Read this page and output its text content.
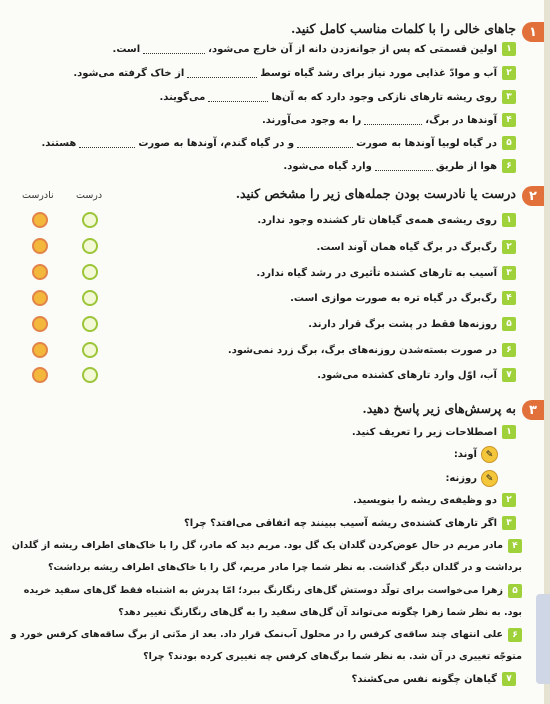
۱
جاهای خالی را با کلمات مناسب کامل کنید.
۱
اولین قسمتی که پس از جوانه‌زدن دانه از آن خارج می‌شود،
است.
۲
آب و موادّ غذایی مورد نیاز برای رشد گیاه توسط
از خاک گرفته می‌شود.
۳
روی ریشه تارهای نازکی وجود دارد که به آن‌ها
می‌گویند.
۴
آوندها در برگ،
را به وجود می‌آورند.
۵
در گیاه لوبیا آوندها به صورت
و در گیاه گندم، آوندها به صورت
هستند.
۶
هوا از طریق
وارد گیاه می‌شود.
۲
درست یا نادرست بودن جمله‌های زیر را مشخص کنید.
درست
نادرست
۱
روی ریشه‌ی همه‌ی گیاهان تار کشنده وجود ندارد.
۲
رگ‌برگ در برگ گیاه همان آوند است.
۳
آسیب به تارهای کشنده تأثیری در رشد گیاه ندارد.
۴
رگ‌برگ در گیاه تره به صورت موازی است.
۵
روزنه‌ها فقط در پشت برگ قرار دارند.
۶
در صورت بسته‌شدن روزنه‌های برگ، برگ زرد نمی‌شود.
۷
آب، اوّل وارد تارهای کشنده می‌شود.
۳
به پرسش‌های زیر پاسخ دهید.
۱
اصطلاحات زیر را تعریف کنید.
✎
آوند:
✎
روزنه:
۲
دو وظیفه‌ی ریشه را بنویسید.
۳
اگر تارهای کشنده‌ی ریشه آسیب ببینند چه اتفاقی می‌افتد؟ چرا؟
۴مادر مریم در حال عوض‌کردن گلدان یک گل بود. مریم دید که مادر، گل را با خاک‌های اطراف ریشه از گلدان برداشت و در گلدان دیگر گذاشت. به نظر شما چرا مادر مریم، گل را با خاک‌های اطراف ریشه برداشت؟
۵زهرا می‌خواست برای تولّد دوستش گل‌های رنگارنگ ببرد؛ امّا پدرش به اشتباه فقط گل‌های سفید خریده بود. به نظر شما زهرا چگونه می‌تواند آن گل‌های سفید را به گل‌های رنگارنگ تغییر دهد؟
۶علی انتهای چند ساقه‌ی کرفس را در محلول آب‌نمک قرار داد. بعد از مدّتی از برگ ساقه‌های کرفس خورد و متوجّه تغییری در آن شد. به نظر شما برگ‌های کرفس چه تغییری کرده بودند؟ چرا؟
۷
گیاهان چگونه نفس می‌کشند؟
